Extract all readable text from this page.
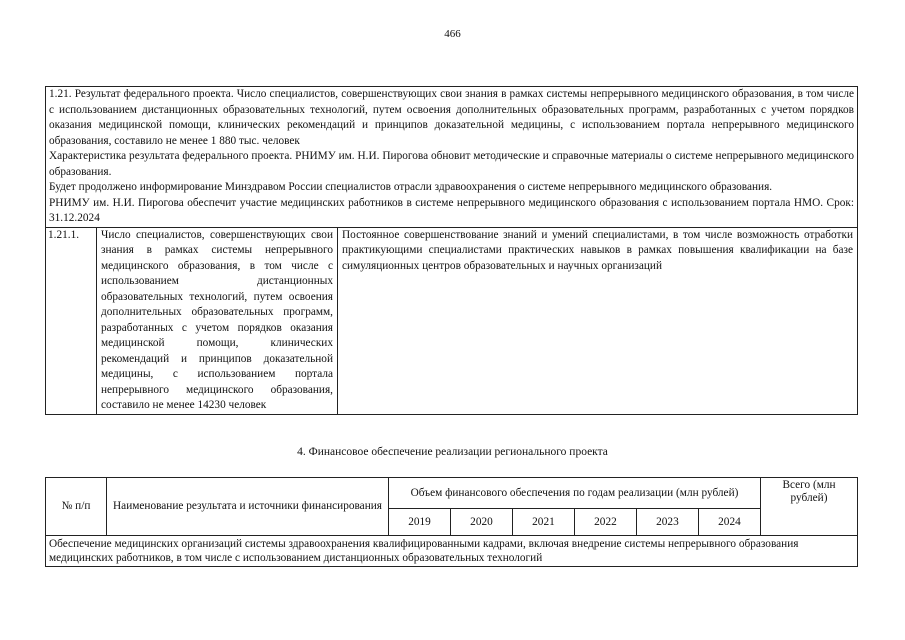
466

1.21. Результат федерального проекта. Число специалистов, совершенствующих свои знания в рамках системы непрерывного медицинского образования, в том числе с использованием дистанционных образовательных технологий, путем освоения дополнительных образовательных программ, разработанных с учетом порядков оказания медицинской помощи, клинических рекомендаций и принципов доказательной медицины, с использованием портала непрерывного медицинского образования, составило не менее 1 880 тыс. человек

Характеристика результата федерального проекта. РНИМУ им. Н.И. Пирогова обновит методические и справочные материалы о системе непрерывного медицинского образования.

Будет продолжено информирование Минздравом России специалистов отрасли здравоохранения о системе непрерывного медицинского образования.

РНИМУ им. Н.И. Пирогова обеспечит участие медицинских работников в системе непрерывного медицинского образования с использованием портала НМО. Срок: 31.12.2024

1.21.1.	Число специалистов, совершенствующих свои знания в рамках системы непрерывного медицинского образования, в том числе с использованием дистанционных образовательных технологий, путем освоения дополнительных образовательных программ, разработанных с учетом порядков оказания медицинской помощи, клинических рекомендаций и принципов доказательной медицины, с использованием портала непрерывного медицинского образования, составило не менее 14230 человек	Постоянное совершенствование знаний и умений специалистами, в том числе возможность отработки практикующими специалистами практических навыков в рамках повышения квалификации на базе симуляционных центров образовательных и научных организаций
4. Финансовое обеспечение реализации регионального проекта
№ п/п	Наименование результата и источники финансирования	Объем финансового обеспечения по годам реализации (млн рублей)						Всего (млн рублей)
		2019	2020	2021	2022	2023	2024	
Обеспечение медицинских организаций системы здравоохранения квалифицированными кадрами, включая внедрение системы непрерывного образования медицинских работников, в том числе с использованием дистанционных образовательных технологий								
